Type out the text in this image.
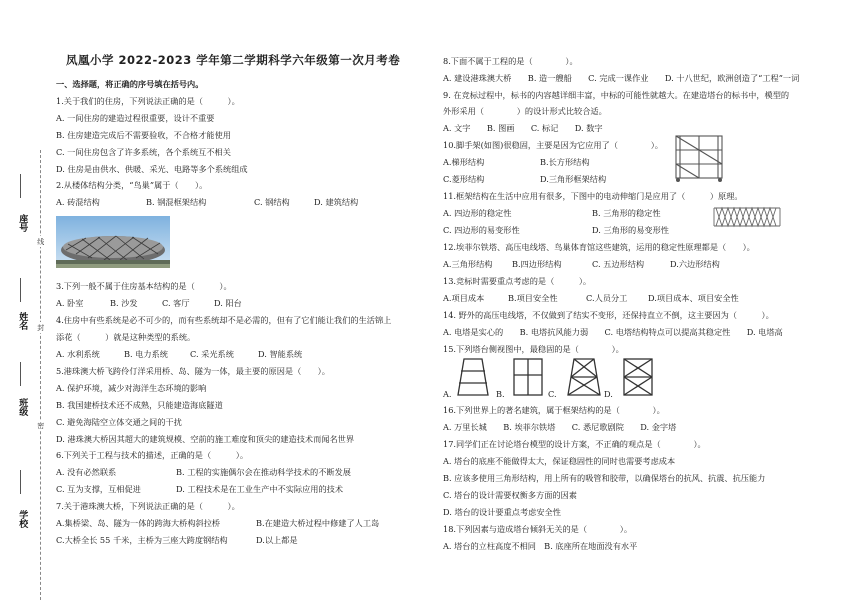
座号
姓名
班级
学校
线
封
密
凤凰小学 2022-2023 学年第二学期科学六年级第一次月考卷
一、选择题，将正确的序号填在括号内。
1.关于我们的住房，下列说法正确的是（　　　）。
A. 一间住房的建造过程很重要，设计不重要
B. 住房建造完成后不需要验收，不合格才能使用
C. 一间住房包含了许多系统，各个系统互不相关
D. 住房是由供水、供暖、采光、电路等多个系统组成
2.从楼体结构分类，“鸟巢”属于（　　）。
A. 砖混结构	B. 钢混框架结构	C. 钢结构	D. 建筑结构
3.下列一般不属于住房基本结构的是（　　　）。
A. 卧室	B. 沙发	C. 客厅	D. 阳台
4.住房中有些系统是必不可少的，而有些系统却不是必需的，但有了它们能让我们的生活锦上
添花（　　　）就是这种类型的系统。
A. 水利系统	B. 电力系统	C. 采光系统	D. 智能系统
5.港珠澳大桥飞跨伶仃洋采用桥、岛、隧为一体，最主要的原因是（　　）。
A. 保护环境，减少对海洋生态环境的影响
B. 我国建桥技术还不成熟，只能建造海底隧道
C. 避免海陆空立体交通之间的干扰
D. 港珠澳大桥因其超大的建筑规模、空前的施工难度和顶尖的建造技术而闻名世界
6.下列关于工程与技术的描述，正确的是（　　　）。
A. 没有必然联系	B. 工程的实施偶尔会在推动科学技术的不断发展
C. 互为支撑，互相促进	D. 工程技术是在工业生产中不实际应用的技术
7.关于港珠澳大桥，下列说法正确的是（　　　）。
A.集桥梁、岛、隧为一体的跨海大桥构斜拉桥	B.在建造大桥过程中修建了人工岛
C.大桥全长 55 千米，主桥为三座大跨度钢结构	D.以上都是
8.下面不属于工程的是（　　　　）。
A. 建设港珠澳大桥　　B. 造一艘船　　C. 完成一课作业　　D. 十八世纪，欧洲创造了“工程”一词
9. 在竞标过程中，标书的内容越详细丰富，中标的可能性就越大。在建造塔台的标书中，模型的
外形采用（　　　　）的设计形式比较合适。
A. 文字　　B. 图画　　C. 标记　　D. 数字
10.脚手架(如图)很稳固，主要是因为它应用了（　　　　）。
A.梯形结构	B.长方形结构
C.菱形结构	D.三角形框架结构
11.框架结构在生活中应用有很多，下图中的电动伸缩门是应用了（　　　）原理。
A. 四边形的稳定性	B. 三角形的稳定性
C. 四边形的易变形性	D. 三角形的易变形性
12.埃菲尔铁塔、高压电线塔、鸟巢体育馆这些建筑，运用的稳定性原理都是（　　）。
A.三角形结构 B.四边形结构	C. 五边形结构	D.六边形结构
13.竞标时需要重点考虑的是（　　　）。
A.项目成本	B.项目安全性	C.人员分工	D.项目成本、项目安全性
14. 野外的高压电线塔，不仅做到了结实不变形，还保持直立不倒，这主要因为（　　　）。
A. 电塔是实心的　　B. 电塔抗风能力弱　　C. 电塔结构特点可以提高其稳定性　　D. 电塔高
15.下列塔台侧视图中，最稳固的是（　　　　）。
A.	B.	C.	D.
16.下列世界上的著名建筑，属于框架结构的是（　　　　）。
A. 万里长城　　B. 埃菲尔铁塔　　C. 悉尼歌剧院　　D. 金字塔
17.同学们正在讨论塔台模型的设计方案，不正确的观点是（　　　　）。
A. 塔台的底座不能做得太大，保证稳固性的同时也需要考虑成本
B. 应该多使用三角形结构，用上所有的吸管和胶带，以确保塔台的抗风、抗震、抗压能力
C. 塔台的设计需要权衡多方面的因素
D. 塔台的设计要重点考虑安全性
18.下列因素与造成塔台倾斜无关的是（　　　　）。
A. 塔台的立柱高度不相同　B. 底座所在地面没有水平
